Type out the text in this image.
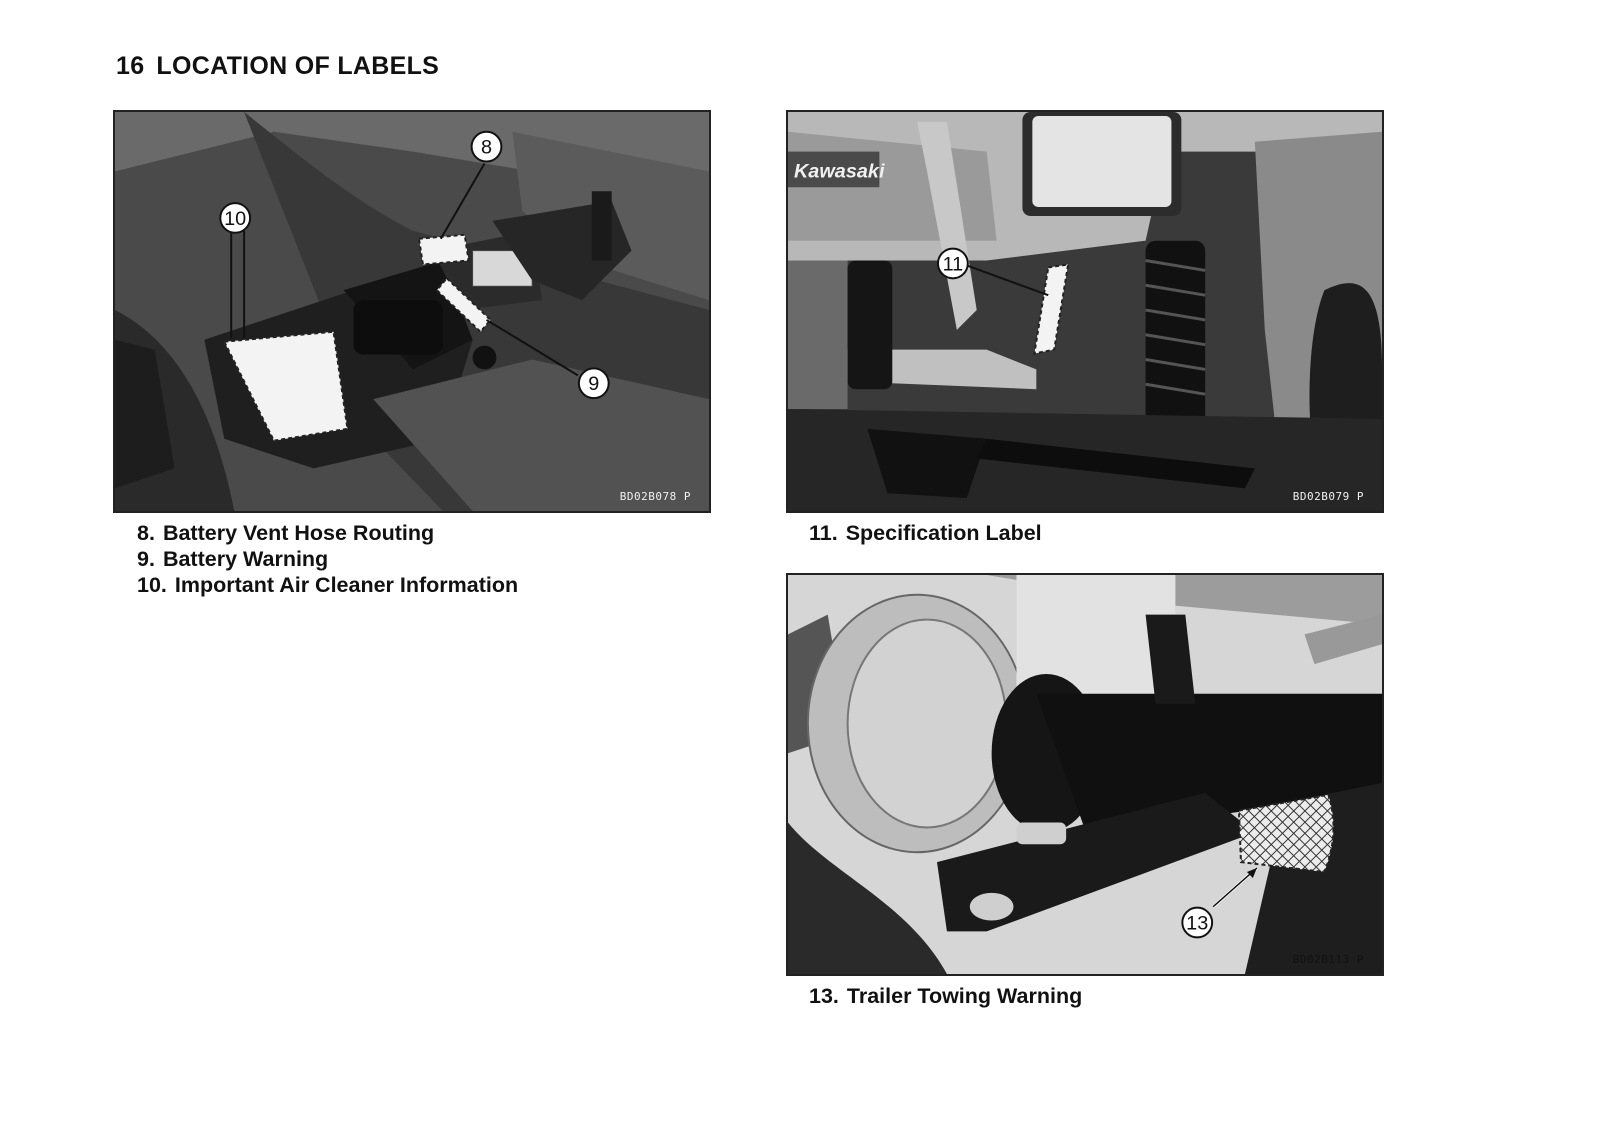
16 LOCATION OF LABELS
10
8
9
BD02B078 P
8. Battery Vent Hose Routing
9. Battery Warning
10. Important Air Cleaner Information
Kawasaki
11
BD02B079 P
11. Specification Label
13
BD02B113 P
13. Trailer Towing Warning
